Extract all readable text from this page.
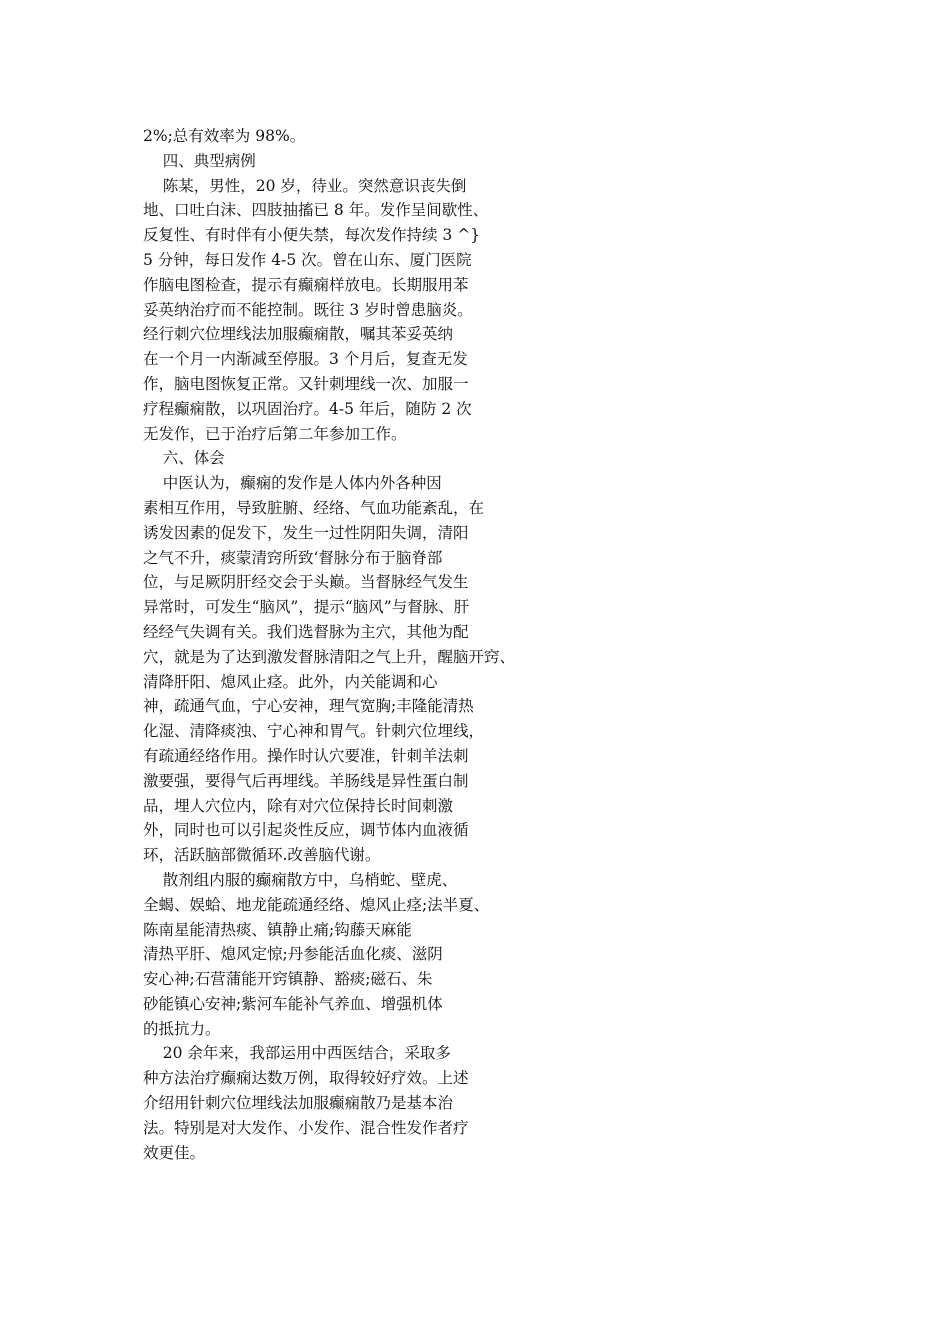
2%;总有效率为 98%。
四、典型病例
陈某，男性，20 岁，待业。突然意识丧失倒
地、口吐白沫、四肢抽搐已 8 年。发作呈间歇性、
反复性、有时伴有小便失禁，每次发作持续 3 ^}
5 分钟，每日发作 4-5 次。曾在山东、厦门医院
作脑电图检查，提示有癫痫样放电。长期服用苯
妥英纳治疗而不能控制。既往 3 岁时曾患脑炎。
经行刺穴位埋线法加服癫痫散，嘱其苯妥英纳
在一个月一内渐减至停服。3 个月后，复查无发
作，脑电图恢复正常。又针刺埋线一次、加服一
疗程癫痫散，以巩固治疗。4-5 年后，随防 2 次
无发作，已于治疗后第二年参加工作。
六、体会
中医认为，癫痫的发作是人体内外各种因
素相互作用，导致脏腑、经络、气血功能紊乱，在
诱发因素的促发下，发生一过性阴阳失调，清阳
之气不升，痰蒙清窍所致‘督脉分布于脑脊部
位，与足厥阴肝经交会于头巅。当督脉经气发生
异常时，可发生“脑风”，提示“脑风”与督脉、肝
经经气失调有关。我们选督脉为主穴，其他为配
穴，就是为了达到激发督脉清阳之气上升，醒脑开窍、
清降肝阳、熄风止痉。此外，内关能调和心
神，疏通气血，宁心安神，理气宽胸;丰隆能清热
化湿、清降痰浊、宁心神和胃气。针刺穴位埋线，
有疏通经络作用。操作时认穴要准，针刺羊法刺
激要强，要得气后再埋线。羊肠线是异性蛋白制
品，埋人穴位内，除有对穴位保持长时间刺激
外，同时也可以引起炎性反应，调节体内血液循
环，活跃脑部微循环.改善脑代谢。
散剂组内服的癫痫散方中，乌梢蛇、壁虎、
全蝎、娱蛤、地龙能疏通经络、熄风止痉;法半夏、
陈南星能清热痰、镇静止痛;钩藤天麻能
清热平肝、熄风定惊;丹参能活血化痰、滋阴
安心神;石营蒲能开窍镇静、豁痰;磁石、朱
砂能镇心安神;紫河车能补气养血、增强机体
的抵抗力。
20 余年来，我部运用中西医结合，采取多
种方法治疗癫痫达数万例，取得较好疗效。上述
介绍用针刺穴位埋线法加服癫痫散乃是基本治
法。特别是对大发作、小发作、混合性发作者疗
效更佳。
